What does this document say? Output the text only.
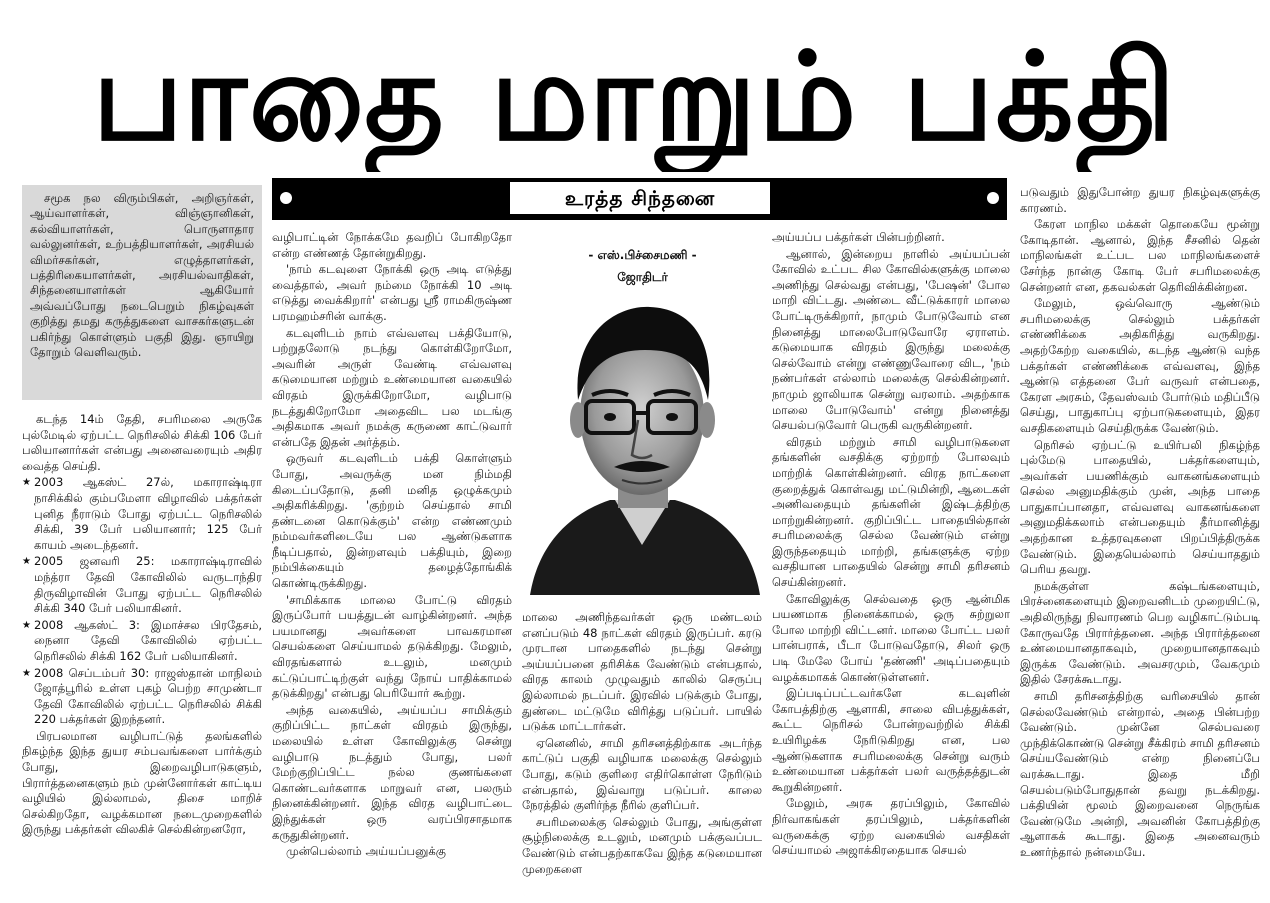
பாதை மாறும் பக்தி

சமூக நல விரும்பிகள், அறிஞர்கள், ஆய்வாளர்கள், விஞ்ஞானிகள், கல்வியாளர்கள், பொருளாதார வல்லுனர்கள், உற்பத்தியாளர்கள், அரசியல் விமர்சகர்கள், எழுத்தாளர்கள், பத்திரிகையாளர்கள், அரசியல்வாதிகள், சிந்தனையாளர்கள் ஆகியோர் அவ்வப்போது நடைபெறும் நிகழ்வுகள் குறித்து தமது கருத்துகளை வாசகர்களுடன் பகிர்ந்து கொள்ளும் பகுதி இது. ஞாயிறு தோறும் வெளிவரும்.

கடந்த 14ம் தேதி, சபரிமலை அருகே புல்மேடில் ஏற்பட்ட நெரிசலில் சிக்கி 106 பேர் பலியானார்கள் என்பது அனைவரையும் அதிர வைத்த செய்தி.

★ 2003 ஆகஸ்ட் 27ல், மகாராஷ்டிரா நாசிக்கில் கும்பமேளா விழாவில் பக்தர்கள் புனித நீராடும் போது ஏற்பட்ட நெரிசலில் சிக்கி, 39 பேர் பலியானார்; 125 பேர் காயம் அடைந்தனர்.

★ 2005 ஜனவரி 25: மகாராஷ்டிராவில் மந்த்ரா தேவி கோவிலில் வருடாந்திர திருவிழாவின் போது ஏற்பட்ட நெரிசலில் சிக்கி 340 பேர் பலியாகினர்.

★ 2008 ஆகஸ்ட் 3: இமாச்சல பிரதேசம், நைனா தேவி கோவிலில் ஏற்பட்ட நெரிசலில் சிக்கி 162 பேர் பலியாகினர்.

★ 2008 செப்டம்பர் 30: ராஜஸ்தான் மாநிலம் ஜோத்பூரில் உள்ள புகழ் பெற்ற சாமுண்டா தேவி கோவிலில் ஏற்பட்ட நெரிசலில் சிக்கி 220 பக்தர்கள் இறந்தனர்.

பிரபலமான வழிபாட்டுத் தலங்களில் நிகழ்ந்த இந்த துயர சம்பவங்களை பார்க்கும் போது, இறைவழிபாடுகளும், பிரார்த்தனைகளும் நம் முன்னோர்கள் காட்டிய வழியில் இல்லாமல், திசை மாறிச் செல்கிறதோ, வழக்கமான நடைமுறைகளில் இருந்து பக்தர்கள் விலகிச் செல்கின்றனரோ,

உரத்த சிந்தனை

வழிபாட்டின் நோக்கமே தவறிப் போகிறதோ என்ற எண்ணத் தோன்றுகிறது.

'நாம் கடவுளை நோக்கி ஒரு அடி எடுத்து வைத்தால், அவர் நம்மை நோக்கி 10 அடி எடுத்து வைக்கிறார்' என்பது ஸ்ரீ ராமகிருஷ்ண பரமஹம்சரின் வாக்கு.

கடவுளிடம் நாம் எவ்வளவு பக்தியோடு, பற்றுதலோடு நடந்து கொள்கிறோமோ, அவரின் அருள் வேண்டி எவ்வளவு கடுமையான மற்றும் உண்மையான வகையில் விரதம் இருக்கிறோமோ, வழிபாடு நடத்துகிறோமோ அதைவிட பல மடங்கு அதிகமாக அவர் நமக்கு கருணை காட்டுவார் என்பதே இதன் அர்த்தம்.

ஒருவர் கடவுளிடம் பக்தி கொள்ளும் போது, அவருக்கு மன நிம்மதி கிடைப்பதோடு, தனி மனித ஒழுக்கமும் அதிகரிக்கிறது. 'குற்றம் செய்தால் சாமி தண்டனை கொடுக்கும்' என்ற எண்ணமும் நம்மவர்களிடையே பல ஆண்டுகளாக நீடிப்பதால், இன்றளவும் பக்தியும், இறை நம்பிக்கையும் தழைத்தோங்கிக் கொண்டிருக்கிறது.

'சாமிக்காக மாலை போட்டு விரதம் இருப்போர் பயத்துடன் வாழ்கின்றனர். அந்த பயமானது அவர்களை பாவகரமான செயல்களை செய்யாமல் தடுக்கிறது. மேலும், விரதங்களால் உடலும், மனமும் கட்டுப்பாட்டிற்குள் வந்து நோய் பாதிக்காமல் தடுக்கிறது' என்பது பெரியோர் கூற்று.

அந்த வகையில், அய்யப்ப சாமிக்கும் குறிப்பிட்ட நாட்கள் விரதம் இருந்து, மலையில் உள்ள கோவிலுக்கு சென்று வழிபாடு நடத்தும் போது, பலர் மேற்குறிப்பிட்ட நல்ல குணங்களை கொண்டவர்களாக மாறுவர் என, பலரும் நினைக்கின்றனர். இந்த விரத வழிபாட்டை இந்துக்கள் ஒரு வரப்பிரசாதமாக கருதுகின்றனர்.

முன்பெல்லாம் அய்யப்பனுக்கு

- எஸ்.பிச்சைமணி -
ஜோதிடர்

மாலை அணிந்தவர்கள் ஒரு மண்டலம் எனப்படும் 48 நாட்கள் விரதம் இருப்பர். கரடு முரடான பாதைகளில் நடந்து சென்று அய்யப்பனை தரிசிக்க வேண்டும் என்பதால், விரத காலம் முழுவதும் காலில் செருப்பு இல்லாமல் நடப்பர். இரவில் படுக்கும் போது, துண்டை மட்டுமே விரித்து படுப்பர். பாயில் படுக்க மாட்டார்கள்.

ஏனெனில், சாமி தரிசனத்திற்காக அடர்ந்த காட்டுப் பகுதி வழியாக மலைக்கு செல்லும் போது, கடும் குளிரை எதிர்கொள்ள நேரிடும் என்பதால், இவ்வாறு படுப்பர். காலை நேரத்தில் குளிர்ந்த நீரில் குளிப்பர்.

சபரிமலைக்கு செல்லும் போது, அங்குள்ள சூழ்நிலைக்கு உடலும், மனமும் பக்குவப்பட வேண்டும் என்பதற்காகவே இந்த கடுமையான முறைகளை

அய்யப்ப பக்தர்கள் பின்பற்றினர்.

ஆனால், இன்றைய நாளில் அய்யப்பன் கோவில் உட்பட சில கோவில்களுக்கு மாலை அணிந்து செல்வது என்பது, 'பேஷன்' போல மாறி விட்டது. அண்டை வீட்டுக்காரர் மாலை போட்டிருக்கிறார், நாமும் போடுவோம் என நினைத்து மாலைபோடுவோரே ஏராளம். கடுமையாக விரதம் இருந்து மலைக்கு செல்வோம் என்று எண்ணுவோரை விட, 'நம் நண்பர்கள் எல்லாம் மலைக்கு செல்கின்றனர். நாமும் ஜாலியாக சென்று வரலாம். அதற்காக மாலை போடுவோம்' என்று நினைத்து செயல்படுவோர் பெருகி வருகின்றனர்.

விரதம் மற்றும் சாமி வழிபாடுகளை தங்களின் வசதிக்கு ஏற்றாற் போலவும் மாற்றிக் கொள்கின்றனர். விரத நாட்களை குறைத்துக் கொள்வது மட்டுமின்றி, ஆடைகள் அணிவதையும் தங்களின் இஷ்டத்திற்கு மாற்றுகின்றனர். குறிப்பிட்ட பாதையில்தான் சபரிமலைக்கு செல்ல வேண்டும் என்று இருந்ததையும் மாற்றி, தங்களுக்கு ஏற்ற வசதியான பாதையில் சென்று சாமி தரிசனம் செய்கின்றனர்.

கோவிலுக்கு செல்வதை ஒரு ஆன்மிக பயணமாக நினைக்காமல், ஒரு சுற்றுலா போல மாற்றி விட்டனர். மாலை போட்ட பலர் பான்பராக், பீடா போடுவதோடு, சிலர் ஒரு படி மேலே போய் 'தண்ணி' அடிப்பதையும் வழக்கமாகக் கொண்டுள்ளனர்.

இப்படிப்பட்டவர்களே கடவுளின் கோபத்திற்கு ஆளாகி, சாலை விபத்துக்கள், கூட்ட நெரிசல் போன்றவற்றில் சிக்கி உயிரிழக்க நேரிடுகிறது என, பல ஆண்டுகளாக சபரிமலைக்கு சென்று வரும் உண்மையான பக்தர்கள் பலர் வருத்தத்துடன் கூறுகின்றனர்.

மேலும், அரசு தரப்பிலும், கோவில் நிர்வாகங்கள் தரப்பிலும், பக்தர்களின் வருகைக்கு ஏற்ற வகையில் வசதிகள் செய்யாமல் அஜாக்கிரதையாக செயல்

படுவதும் இதுபோன்ற துயர நிகழ்வுகளுக்கு காரணம்.

கேரள மாநில மக்கள் தொகையே மூன்று கோடிதான். ஆனால், இந்த சீசனில் தென் மாநிலங்கள் உட்பட பல மாநிலங்களைச் சேர்ந்த நான்கு கோடி பேர் சபரிமலைக்கு சென்றனர் என, தகவல்கள் தெரிவிக்கின்றன.

மேலும், ஒவ்வொரு ஆண்டும் சபரிமலைக்கு செல்லும் பக்தர்கள் எண்ணிக்கை அதிகரித்து வருகிறது. அதற்கேற்ற வகையில், கடந்த ஆண்டு வந்த பக்தர்கள் எண்ணிக்கை எவ்வளவு, இந்த ஆண்டு எத்தனை பேர் வருவர் என்பதை, கேரள அரசும், தேவஸ்வம் போர்டும் மதிப்பீடு செய்து, பாதுகாப்பு ஏற்பாடுகளையும், இதர வசதிகளையும் செய்திருக்க வேண்டும்.

நெரிசல் ஏற்பட்டு உயிர்பலி நிகழ்ந்த புல்மேடு பாதையில், பக்தர்களையும், அவர்கள் பயணிக்கும் வாகனங்களையும் செல்ல அனுமதிக்கும் முன், அந்த பாதை பாதுகாப்பானதா, எவ்வளவு வாகனங்களை அனுமதிக்கலாம் என்பதையும் தீர்மானித்து அதற்கான உத்தரவுகளை பிறப்பித்திருக்க வேண்டும். இதையெல்லாம் செய்யாததும் பெரிய தவறு.

நமக்குள்ள கஷ்டங்களையும், பிரச்னைகளையும் இறைவனிடம் முறையிட்டு, அதிலிருந்து நிவாரணம் பெற வழிகாட்டும்படி கோருவதே பிரார்த்தனை. அந்த பிரார்த்தனை உண்மையானதாகவும், முறையானதாகவும் இருக்க வேண்டும். அவசரமும், வேகமும் இதில் சேரக்கூடாது.

சாமி தரிசனத்திற்கு வரிசையில் தான் செல்லவேண்டும் என்றால், அதை பின்பற்ற வேண்டும். முன்னே செல்பவரை முந்திக்கொண்டு சென்று சீக்கிரம் சாமி தரிசனம் செய்யவேண்டும் என்ற நினைப்பே வரக்கூடாது. இதை மீறி செயல்படும்போதுதான் தவறு நடக்கிறது. பக்தியின் மூலம் இறைவனை நெருங்க வேண்டுமே அன்றி, அவனின் கோபத்திற்கு ஆளாகக் கூடாது. இதை அனைவரும் உணர்ந்தால் நன்மையே.
